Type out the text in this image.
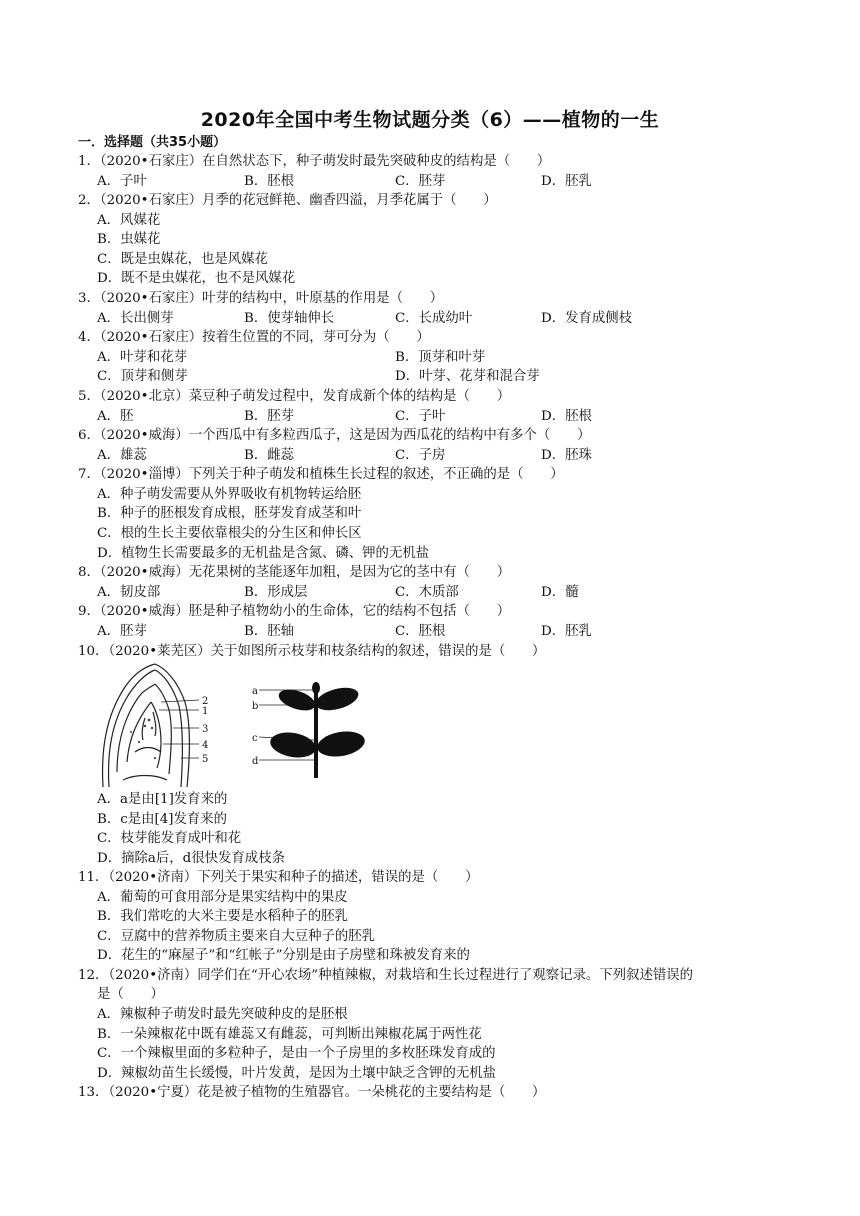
2020年全国中考生物试题分类（6）——植物的一生
一．选择题（共35小题）
1．（2020•石家庄）在自然状态下，种子萌发时最先突破种皮的结构是（　　）
A．子叶	B．胚根	C．胚芽	D．胚乳
2．（2020•石家庄）月季的花冠鲜艳、幽香四溢，月季花属于（　　）
A．风媒花
B．虫媒花
C．既是虫媒花，也是风媒花
D．既不是虫媒花，也不是风媒花
3．（2020•石家庄）叶芽的结构中，叶原基的作用是（　　）
A．长出侧芽	B．使芽轴伸长	C．长成幼叶	D．发育成侧枝
4．（2020•石家庄）按着生位置的不同，芽可分为（　　）
A．叶芽和花芽	B．顶芽和叶芽
C．顶芽和侧芽	D．叶芽、花芽和混合芽
5．（2020•北京）菜豆种子萌发过程中，发育成新个体的结构是（　　）
A．胚	B．胚芽	C．子叶	D．胚根
6．（2020•威海）一个西瓜中有多粒西瓜子，这是因为西瓜花的结构中有多个（　　）
A．雄蕊	B．雌蕊	C．子房	D．胚珠
7．（2020•淄博）下列关于种子萌发和植株生长过程的叙述，不正确的是（　　）
A．种子萌发需要从外界吸收有机物转运给胚
B．种子的胚根发育成根，胚芽发育成茎和叶
C．根的生长主要依靠根尖的分生区和伸长区
D．植物生长需要最多的无机盐是含氮、磷、钾的无机盐
8．（2020•威海）无花果树的茎能逐年加粗，是因为它的茎中有（　　）
A．韧皮部	B．形成层	C．木质部	D．髓
9．（2020•威海）胚是种子植物幼小的生命体，它的结构不包括（　　）
A．胚芽	B．胚轴	C．胚根	D．胚乳
10．（2020•莱芜区）关于如图所示枝芽和枝条结构的叙述，错误的是（　　）
2
1
3
4
5
a
b
c
d
A．a是由[1]发育来的
B．c是由[4]发育来的
C．枝芽能发育成叶和花
D．摘除a后，d很快发育成枝条
11．（2020•济南）下列关于果实和种子的描述，错误的是（　　）
A．葡萄的可食用部分是果实结构中的果皮
B．我们常吃的大米主要是水稻种子的胚乳
C．豆腐中的营养物质主要来自大豆种子的胚乳
D．花生的“麻屋子”和“红帐子”分别是由子房壁和珠被发育来的
12．（2020•济南）同学们在“开心农场”种植辣椒，对栽培和生长过程进行了观察记录。下列叙述错误的
是（　　）
A．辣椒种子萌发时最先突破种皮的是胚根
B．一朵辣椒花中既有雄蕊又有雌蕊，可判断出辣椒花属于两性花
C．一个辣椒里面的多粒种子，是由一个子房里的多枚胚珠发育成的
D．辣椒幼苗生长缓慢，叶片发黄，是因为土壤中缺乏含钾的无机盐
13．（2020•宁夏）花是被子植物的生殖器官。一朵桃花的主要结构是（　　）
